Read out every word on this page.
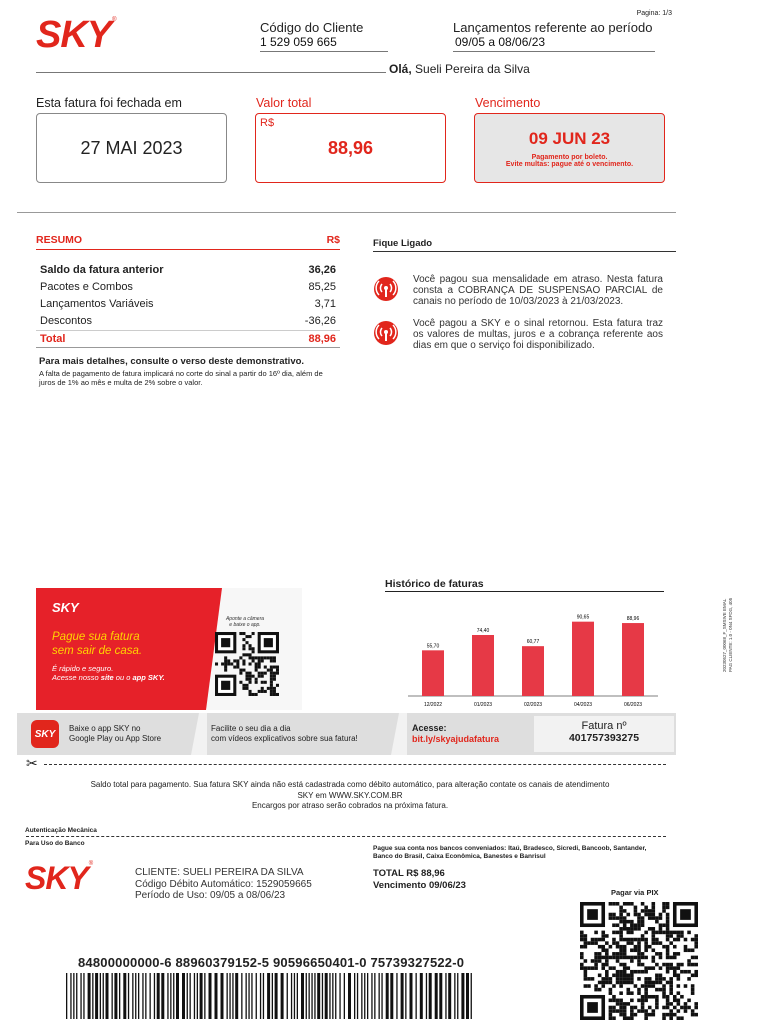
Pagina: 1/3
SKY®	Código do Cliente
1 529 059 665
Lançamentos referente ao período
09/05 a 08/06/23
Olá, Sueli Pereira da Silva
Esta fatura foi fechada em
27 MAI 2023
Valor total
R$
88,96
Vencimento
09 JUN 23
Pagamento por boleto.
Evite multas: pague até o vencimento.
RESUMO	R$
Saldo da fatura anterior	36,26
Pacotes e Combos	85,25
Lançamentos Variáveis	3,71
Descontos	-36,26
Total	88,96
Para mais detalhes, consulte o verso deste demonstrativo.
A falta de pagamento de fatura implicará no corte do sinal a partir do 16º dia, além de juros de 1% ao mês e multa de 2% sobre o valor.
Fique Ligado
Você pagou sua mensalidade em atraso. Nesta fatura consta a COBRANÇA DE SUSPENSAO PARCIAL de canais no período de 10/03/2023 à 21/03/2023.
Você pagou a SKY e o sinal retornou. Esta fatura traz os valores de multas, juros e a cobrança referente aos dias em que o serviço foi disponibilizado.
SKY
Pague sua fatura
sem sair de casa.
É rápido e seguro.
Acesse nosso site ou o app SKY.
Aponte a câmera
e baixe o app.
Histórico de faturas
55,70
12/2022
74,40
01/2023
60,77
02/2023
90,65
04/2023
88,96
06/2023
20230527_00068_F_SMSIVE EMAL PAG CLIENTE: 1.0 - 0N4 SFDG, 405
SKY	Baixe o app SKY no
Google Play ou App Store
Facilite o seu dia a dia
com vídeos explicativos sobre sua fatura!
Acesse:
bit.ly/skyajudafatura
Fatura nº
401757393275
✂
Saldo total para pagamento. Sua fatura SKY ainda não está cadastrada como débito automático, para alteração contate os canais de atendimento
SKY em WWW.SKY.COM.BR
Encargos por atraso serão cobrados na próxima fatura.
Autenticação Mecânica
Para Uso do Banco
Pague sua conta nos bancos conveniados: Itaú, Bradesco, Sicredi, Bancoob, Santander, Banco do Brasil, Caixa Econômica, Banestes e Banrisul
SKY®
CLIENTE: SUELI PEREIRA DA SILVA
Código Débito Automático: 1529059665
Período de Uso: 09/05 a 08/06/23
TOTAL R$ 88,96
Vencimento 09/06/23
Pagar via PIX
84800000000-6 88960379152-5 90596650401-0 75739327522-0
